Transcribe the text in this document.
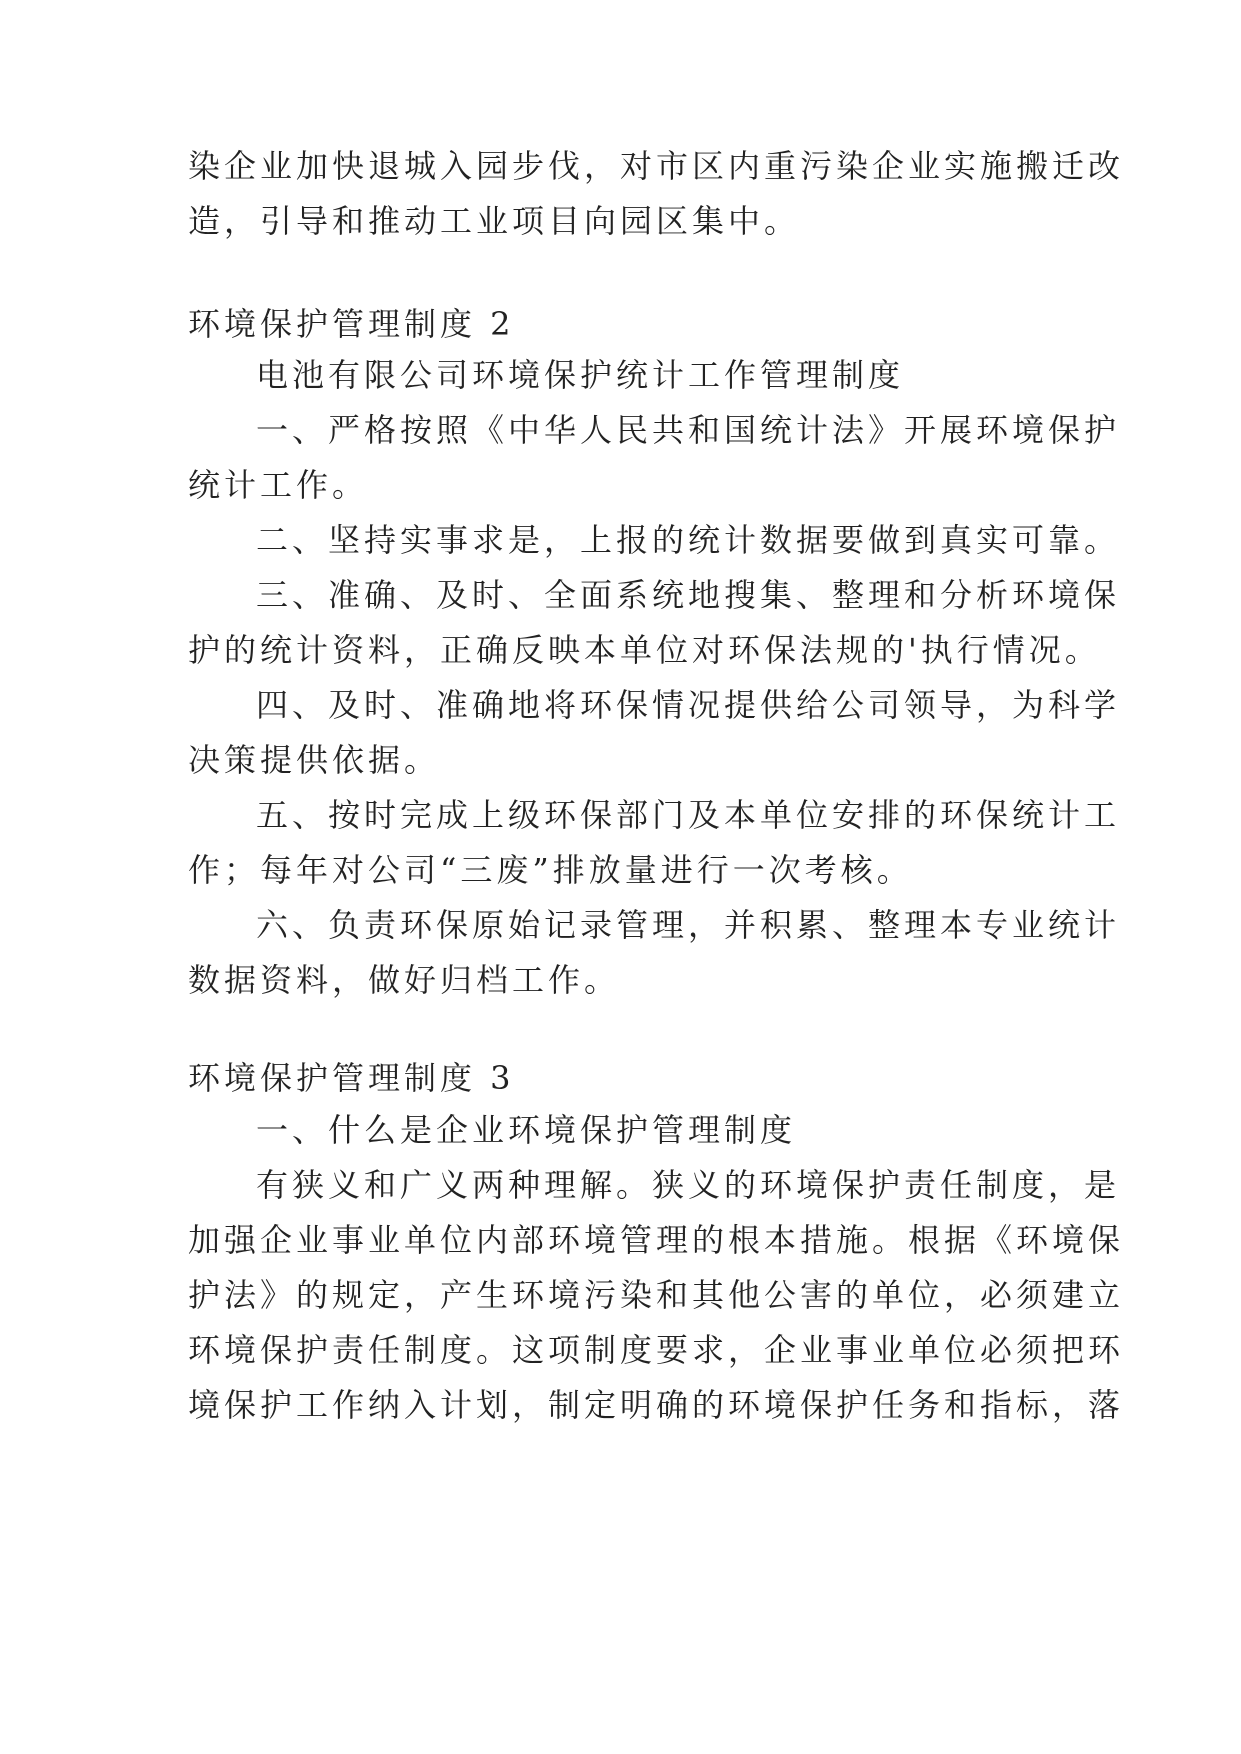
染企业加快退城入园步伐，对市区内重污染企业实施搬迁改
造，引导和推动工业项目向园区集中。
环境保护管理制度 2
电池有限公司环境保护统计工作管理制度
一、严格按照《中华人民共和国统计法》开展环境保护
统计工作。
二、坚持实事求是，上报的统计数据要做到真实可靠。
三、准确、及时、全面系统地搜集、整理和分析环境保
护的统计资料，正确反映本单位对环保法规的'执行情况。
四、及时、准确地将环保情况提供给公司领导，为科学
决策提供依据。
五、按时完成上级环保部门及本单位安排的环保统计工
作；每年对公司“三废”排放量进行一次考核。
六、负责环保原始记录管理，并积累、整理本专业统计
数据资料，做好归档工作。
环境保护管理制度 3
一、什么是企业环境保护管理制度
有狭义和广义两种理解。狭义的环境保护责任制度，是
加强企业事业单位内部环境管理的根本措施。根据《环境保
护法》的规定，产生环境污染和其他公害的单位，必须建立
环境保护责任制度。这项制度要求，企业事业单位必须把环
境保护工作纳入计划，制定明确的环境保护任务和指标，落
